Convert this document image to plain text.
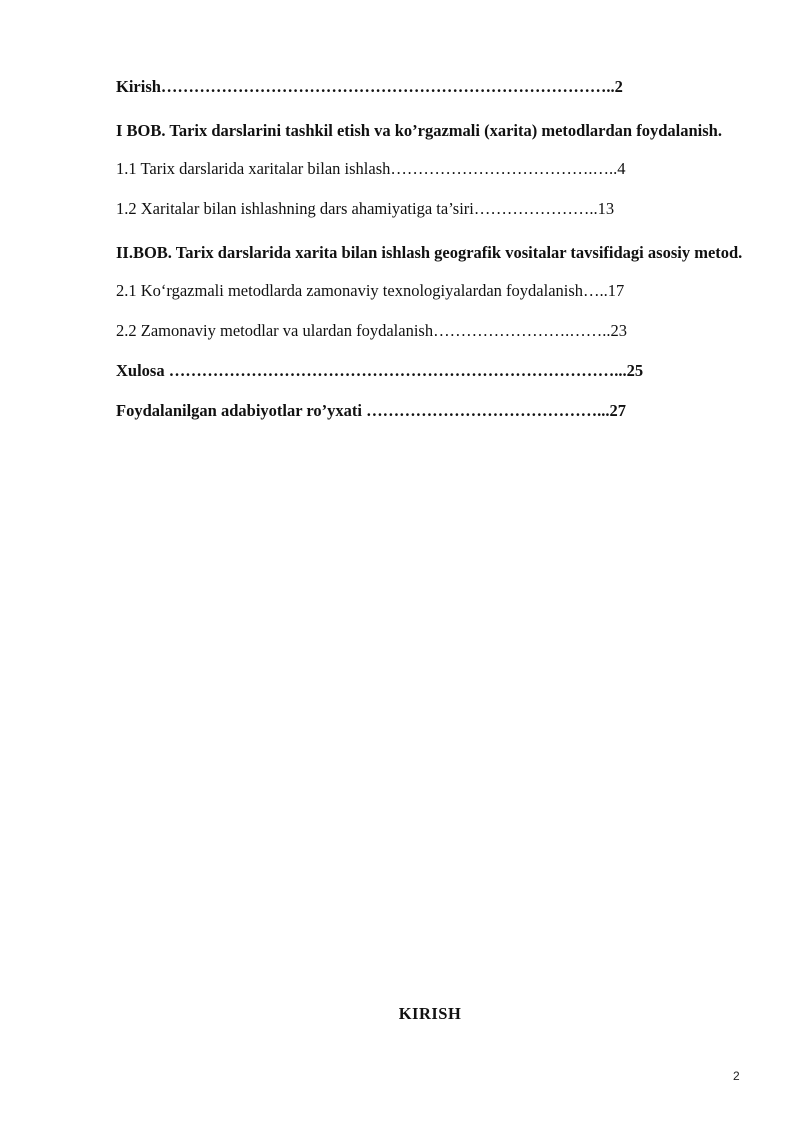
Kirish………………………………………………………………………..2
I BOB. Tarix darslarini tashkil etish va ko’rgazmali (xarita) metodlardan foydalanish.
1.1 Tarix darslarida xaritalar bilan ishlash……………………………….…..4
1.2 Xaritalar bilan ishlashning dars ahamiyatiga ta’siri…………………..13
II.BOB. Tarix darslarida xarita bilan ishlash geografik vositalar tavsifidagi asosiy metod.
2.1 Ko‘rgazmali metodlarda zamonaviy texnologiyalardan foydalanish…..17
2.2 Zamonaviy metodlar va ulardan foydalanish…………………….……..23
Xulosa ………………………………………………………………………...25
Foydalanilgan adabiyotlar ro’yxati ……………………………………...27
KIRISH
2
